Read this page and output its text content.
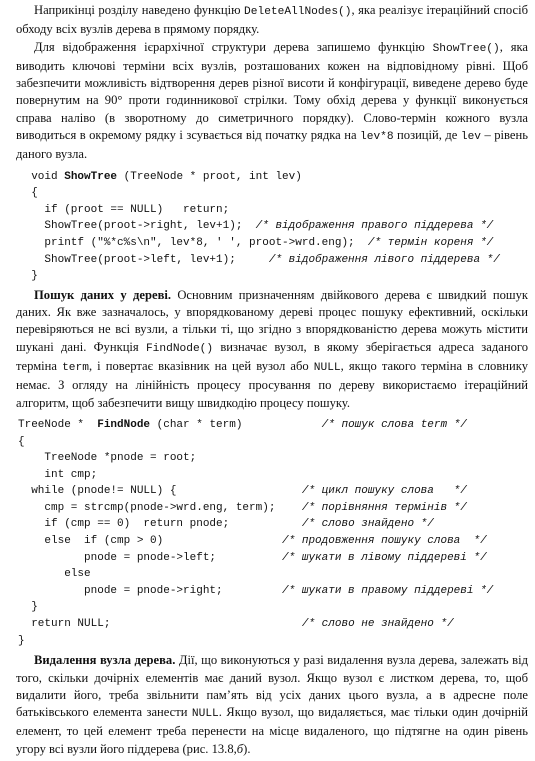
Наприкінці розділу наведено функцію DeleteAllNodes(), яка реалізує ітераційний спосіб обходу всіх вузлів дерева в прямому порядку.

Для відображення ієрархічної структури дерева запишемо функцію ShowTree(), яка виводить ключові терміни всіх вузлів, розташованих кожен на відповідному рівні. Щоб забезпечити можливість відтворення дерев різної висоти й конфігурації, виведене дерево буде повернутим на 90° проти годинникової стрілки. Тому обхід дерева у функції виконується справа наліво (в зворотному до симетричного порядку). Слово-термін кожного вузла виводиться в окремому рядку і зсувається від початку рядка на lev*8 позицій, де lev – рівень даного вузла.

void ShowTree (TreeNode * proot, int lev)
{
if (proot == NULL)   return;
ShowTree(proot->right, lev+1);  /* відображення правого піддерева */
printf ("%*c%s\n", lev*8, ' ', proot->wrd.eng);  /* термін кореня */
ShowTree(proot->left, lev+1);     /* відображення лівого піддерева */
}

Пошук даних у дереві. Основним призначенням двійкового дерева є швидкий пошук даних. Як вже зазначалось, у впорядкованому дереві процес пошуку ефективний, оскільки перевіряються не всі вузли, а тільки ті, що згідно з впорядкованістю дерева можуть містити шукані дані. Функція FindNode() визначає вузол, в якому зберігається адреса заданого терміна term, і повертає вказівник на цей вузол або NULL, якщо такого терміна в словнику немає. З огляду на лінійність процесу просування по дереву використаємо ітераційний алгоритм, щоб забезпечити вищу швидкодію процесу пошуку.

TreeNode *  FindNode (char * term)            /* пошук слова term */
{
TreeNode *pnode = root;
int cmp;
while (pnode!= NULL) {                   /* цикл пошуку слова   */
cmp = strcmp(pnode->wrd.eng, term);    /* порівняння термінів */
if (cmp == 0)  return pnode;           /* слово знайдено */
else  if (cmp > 0)                  /* продовження пошуку слова  */
pnode = pnode->left;          /* шукати в лівому піддереві */
else
pnode = pnode->right;         /* шукати в правому піддереві */
}
return NULL;                             /* слово не знайдено */
}

Видалення вузла дерева. Дії, що виконуються у разі видалення вузла дерева, залежать від того, скільки дочірніх елементів має даний вузол. Якщо вузол є листком дерева, то, щоб видалити його, треба звільнити пам’ять від усіх даних цього вузла, а в адресне поле батьківського елемента занести NULL. Якщо вузол, що видаляється, має тільки один дочірній елемент, то цей елемент треба перенести на місце видаленого, що підтягне на один рівень угору всі вузли його піддерева (рис. 13.8,б).
